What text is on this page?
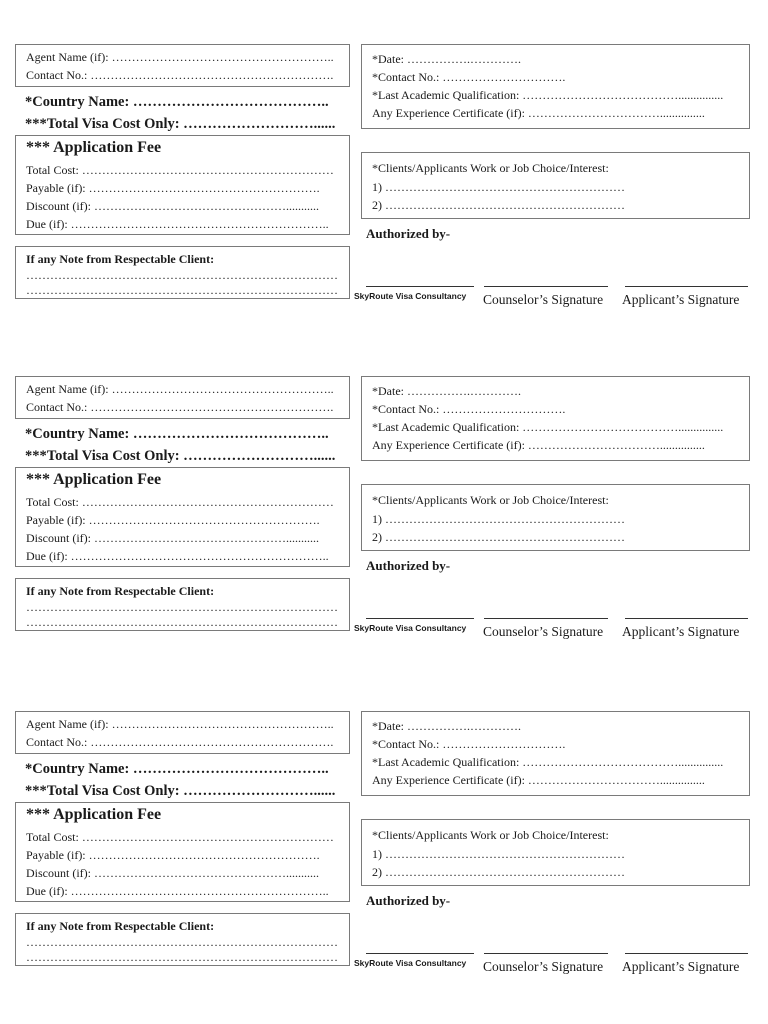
Agent Name (if): ………………………………………………..
Contact No.: …………………………………………………….
*Country Name: …………………………………..
***Total Visa Cost Only: ………………………......
*** Application Fee
Total Cost: ………………………………………………………
Payable (if): ………………………………………………….
Discount (if): …………………………………………...........
Due (if): ………………………………………………………..
If any Note from Respectable Client:
……………………………………………………………………
……………………………………………………………………
*Date: …………….………….
*Contact No.: ………………………….
*Last Academic Qualification: …………………………………...............
Any Experience Certificate (if): ……………………………...............
*Clients/Applicants Work or Job Choice/Interest:
1) ……………………………………………………
2) ……………………………………………………
Authorized by-
SkyRoute Visa Consultancy Counselor’s Signature Applicant’s Signature
Agent Name (if): ………………………………………………..
Contact No.: …………………………………………………….
*Country Name: …………………………………..
***Total Visa Cost Only: ………………………......
*** Application Fee
Total Cost: ………………………………………………………
Payable (if): ………………………………………………….
Discount (if): …………………………………………...........
Due (if): ………………………………………………………..
If any Note from Respectable Client:
……………………………………………………………………
……………………………………………………………………
*Date: …………….………….
*Contact No.: ………………………….
*Last Academic Qualification: …………………………………...............
Any Experience Certificate (if): ……………………………...............
*Clients/Applicants Work or Job Choice/Interest:
1) ……………………………………………………
2) ……………………………………………………
Authorized by-
SkyRoute Visa Consultancy Counselor’s Signature Applicant’s Signature
Agent Name (if): ………………………………………………..
Contact No.: …………………………………………………….
*Country Name: …………………………………..
***Total Visa Cost Only: ………………………......
*** Application Fee
Total Cost: ………………………………………………………
Payable (if): ………………………………………………….
Discount (if): …………………………………………...........
Due (if): ………………………………………………………..
If any Note from Respectable Client:
……………………………………………………………………
……………………………………………………………………
*Date: …………….………….
*Contact No.: ………………………….
*Last Academic Qualification: …………………………………...............
Any Experience Certificate (if): ……………………………...............
*Clients/Applicants Work or Job Choice/Interest:
1) ……………………………………………………
2) ……………………………………………………
Authorized by-
SkyRoute Visa Consultancy Counselor’s Signature Applicant’s Signature
